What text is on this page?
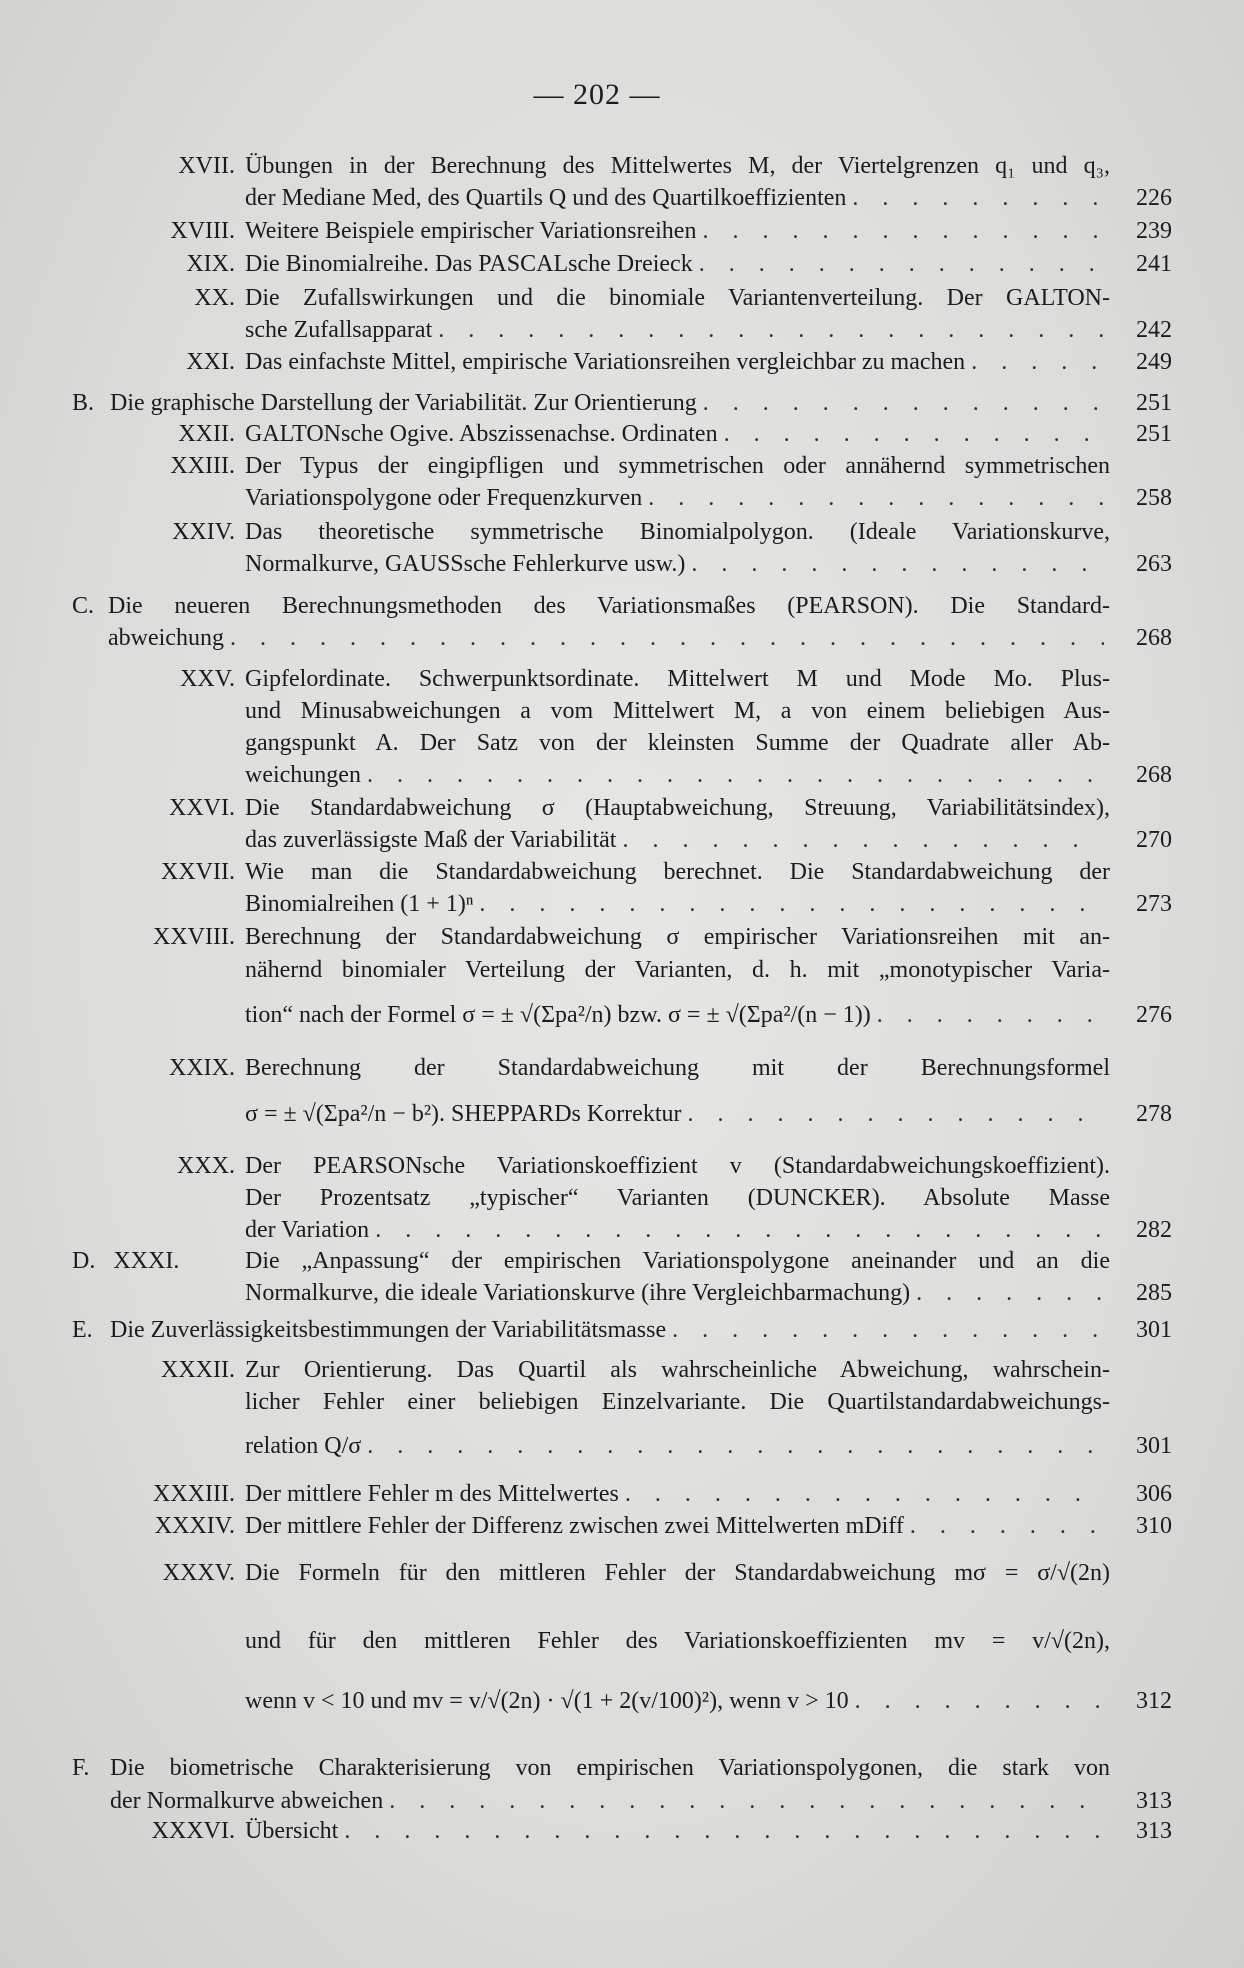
— 202 —
XVII. Übungen in der Berechnung des Mittelwertes M, der Viertelgrenzen q₁ und q₃,
der Mediane Med, des Quartils Q und des Quartilkoeffizienten . . .	226
XVIII. Weitere Beispiele empirischer Variationsreihen . . .	239
XIX. Die Binomialreihe. Das PASCALsche Dreieck . . .	241
XX. Die Zufallswirkungen und die binomiale Variantenverteilung. Der GALTON-
sche Zufallsapparat . . .	242
XXI. Das einfachste Mittel, empirische Variationsreihen vergleichbar zu machen . . .	249
B. Die graphische Darstellung der Variabilität. Zur Orientierung . . .	251
XXII. GALTONsche Ogive. Abszissenachse. Ordinaten . . .	251
XXIII. Der Typus der eingipfligen und symmetrischen oder annähernd symmetrischen
Variationspolygone oder Frequenzkurven . . .	258
XXIV. Das theoretische symmetrische Binomialpolygon. (Ideale Variationskurve,
Normalkurve, GAUSSsche Fehlerkurve usw.) . . .	263
C. Die neueren Berechnungsmethoden des Variationsmaßes (PEARSON). Die Standard-
abweichung . . .	268
XXV. Gipfelordinate. Schwerpunktsordinate. Mittelwert M und Mode Mo. Plus-
und Minusabweichungen a vom Mittelwert M, a von einem beliebigen Aus-
gangspunkt A. Der Satz von der kleinsten Summe der Quadrate aller Ab-
weichungen . . .	268
XXVI. Die Standardabweichung σ (Hauptabweichung, Streuung, Variabilitätsindex),
das zuverlässigste Maß der Variabilität . . .	270
XXVII. Wie man die Standardabweichung berechnet. Die Standardabweichung der
Binomialreihen (1 + 1)ⁿ . . .	273
XXVIII. Berechnung der Standardabweichung σ empirischer Variationsreihen mit an-
nähernd binomialer Verteilung der Varianten, d. h. mit „monotypischer Varia-
tion“ nach der Formel σ = ± √(Σpa²/n) bzw. σ = ± √(Σpa²/(n − 1)) . . .	276
XXIX. Berechnung der Standardabweichung mit der Berechnungsformel
σ = ± √(Σpa²/n − b²). SHEPPARDs Korrektur . . .	278
XXX. Der PEARSONsche Variationskoeffizient v (Standardabweichungskoeffizient).
Der Prozentsatz „typischer“ Varianten (DUNCKER). Absolute Masse
der Variation . . .	282
D.   XXXI.	Die „Anpassung“ der empirischen Variationspolygone aneinander und an die
Normalkurve, die ideale Variationskurve (ihre Vergleichbarmachung) . . .	285
E. Die Zuverlässigkeitsbestimmungen der Variabilitätsmasse . . .	301
XXXII. Zur Orientierung. Das Quartil als wahrscheinliche Abweichung, wahrschein-
licher Fehler einer beliebigen Einzelvariante. Die Quartilstandardabweichungs-
relation Q/σ . . .	301
XXXIII. Der mittlere Fehler m des Mittelwertes . . .	306
XXXIV. Der mittlere Fehler der Differenz zwischen zwei Mittelwerten mDiff . . .	310
XXXV. Die Formeln für den mittleren Fehler der Standardabweichung mσ = σ/√(2n)
und für den mittleren Fehler des Variationskoeffizienten mv = v/√(2n),
wenn v < 10 und mv = v/√(2n) · √(1 + 2(v/100)²), wenn v > 10 . . .	312
F. Die biometrische Charakterisierung von empirischen Variationspolygonen, die stark von
der Normalkurve abweichen . . .	313
XXXVI. Übersicht . . .	313
